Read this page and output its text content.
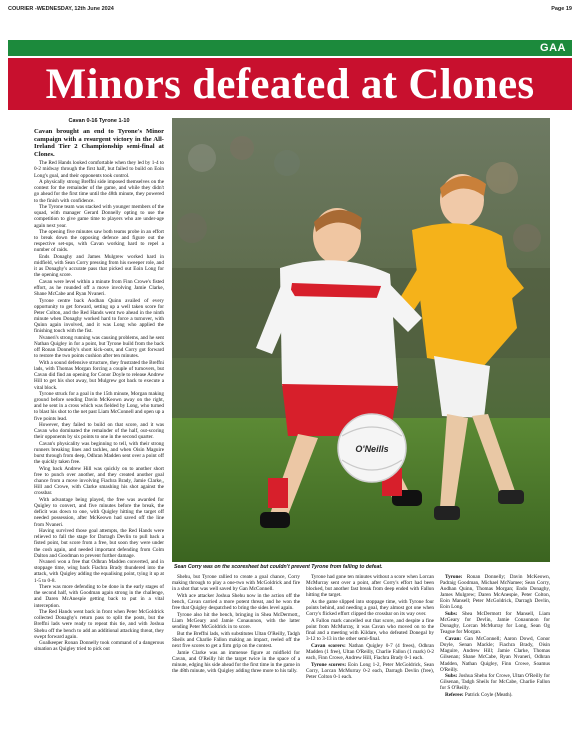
COURIER -WEDNESDAY, 12th June 2024	Page 19
GAA
Minors defeated at Clones
Cavan 0-16 Tyrone 1-10

Cavan brought an end to Tyrone's Minor campaign with a resurgent victory in the All-Ireland Tier 2 Championship semi-final at Clones.

The Red Hands looked comfortable when they led by 1-4 to 0-2 midway through the first half, but failed to build on Eoin Long's goal, and their opponents took control.

A physically strong Breffni side imposed themselves on the contest for the remainder of the game, and while they didn't go ahead for the first time until the 48th minute, they powered to the finish with confidence.

The Tyrone team was stacked with younger members of the squad, with manager Gerard Donnelly opting to use the competition to give game time to players who are under-age again next year.

The opening five minutes saw both teams probe in an effort to break down the opposing defence and figure out the respective set-ups, with Cavan working hard to repel a number of raids.

Ends Donaghy and James Mulgrew worked hard in midfield, with Sean Corry pressing from his sweeper role, and it as Donaghy's accurate pass that picked out Eoin Long for the opening score.

Cavan were level within a minute from Finn Crowe's fisted effort, as he rounded off a move involving Jamie Clarke, Shane McCabe and Ryan Nvaneri.

Tyrone centre back Aodhan Quinn availed of every opportunity to get forward, setting up a well taken score for Peter Colton, and the Red Hands went two ahead in the ninth minute when Donaghy worked hard to force a turnover, with Quinn again involved, and it was Long who applied the finishing touch with the fist.

Nvaneri's strong running was causing problems, and he sent Nathan Quigley in for a point, but Tyrone build from the back off Ronan Donnelly's short kick-outs, and Corry got forward to restore the two points cushion after ten minutes.

With a sound defensive structure, they frustrated the Breffni lads, with Thomas Morgan forcing a couple of turnovers, but Cavan did find an opening for Conor Doyle to release Andrew Hill to get his shot away, but Mulgrew got back to execute a vital block.

Tyrone struck for a goal in the 15th minute, Morgan making ground before sending Davin McKeown away on the right, and he sent in a cross which was fielded by Long, who turned to blast his shot to the net past Liam McConnell and open up a five points lead.

However, they failed to build on that score, and it was Cavan who dominated the remainder of the half, out-scoring their opponents by six points to one in the second quarter.

Cavan's physicality was beginning to tell, with their strong runners breaking lines and tackles, and when Oisin Maguire burst through from deep, Odhran Madden sent over a point off the quickly taken free.

Wing back Andrew Hill was quickly on to another short free to punch over another, and they created another goal chance from a move involving Fiachra Brady, Jamie Clarke,, Hill and Crowe, with Clarke smashing his shot against the crossbar.

With advantage being played, the free was awarded for Quigley to convert, and five minutes before the break, the deficit was down to one, with Quigley hitting the target off needed possession, after McKeown had saved off the line from Nvaneri.

Having survived those goal attempts, the Red Hands were relieved to fall the stage for Darragh Devlin to pull back a fisted point, but score from a free, but soon they were under the cosh again, and needed important defending from Colm Dalton and Goodman to prevent further damage.

Nvaneri won a free that Odhran Madden converted, and in stoppage time, wing back Fiachra Brady thundered into the attack, with Quigley adding the equalising point, tying it up at 1-5 to 0-8.

There was more defending to be done in the early stages of the second half, with Goodman again strong in the challenge, and Daren McAnespie getting back to put in a vital interception.

The Red Hands went back in front when Peter McGoldrick collected Donaghy's return pass to split the posts, but the Breffni lads were ready to repeat this tie, and with Joshua Shehu off the bench to add an additional attacking threat, they swept forward again.

Goalkeeper Ronan Donnelly took command of a dangerous situation as Quigley tried to pick out

O'Neills
Sean Corry was on the scoresheet but couldn't prevent Tyrone from falling to defeat.

Shehu, but Tyrone rallied to create a goal chance, Corry making through to play a one-two with McGoldrick and fire in a shot that was well saved by Gan McConnell.

With ace attacker Joshua Shehu now in the action off the bench, Cavan carried a more potent threat, and he won the free that Quigley despatched to bring the sides level again.

Tyrone also hit the bench, bringing in Shea McDermott,, Liam McGeary and Jamie Conaunnon, with the latter sending Peter McGoldrick in to score.

But the Breffni lads, with substitutes Ultan O'Reilly, Tadgh Sheils and Charlie Fallon making an impact, reeled off the next five scores to get a firm grip on the contest.

Jamie Clarke was an immense figure at midfield for Cavan, and O'Reilly hit the target twice in the space of a minute, edging his side ahead for the first time in the game in the 48th minute, with Quigley adding three more to his tally.

Tyrone had gone ten minutes without a score when Lorcan McMurray sent over a point, after Corry's effort had been blocked, but another fast break from deep ended with Fallon hitting the target.

As the game slipped into stoppage time, with Tyrone four points behind, and needing a goal, they almost got one when Corry's flicked effort clipped the crossbar on its way over.

A Fallon mark cancelled out that score, and despite a fine point from McMurray, it was Cavan who moved on to the final and a meeting with Kildare, who defeated Donegal by 3-12 to 3-13 in the other semi-final.

Cavan scorers: Nathan Quigley 0-7 (4 frees), Odhran Madden (1 free), Ultan O'Reilly, Charlie Fallon (1 mark) 0-2 each, Finn Crowe, Andrew Hill, Fiachra Brady 0-1 each.

Tyrone scorers: Eoin Long 1-2, Peter McGoldrick, Sean Corry, Lorcan McMurray 0-2 each, Darragh Devlin (free), Peter Colton 0-1 each.

Tyrone: Ronan Donnelly; Davin McKeown, Padraig Goodman, Michael McNamee; Sean Corry, Aodhan Quinn, Thomas Morgan; Endo Donaghy, James Mulgrew; Daren McAnespie, Peter Colton, Eoin Mansell; Peter McGoldrick, Darragh Devlin, Eoin Long.

Subs: Shea McDermott for Mansell, Liam McGeary for Devlin, Jamie Conaunnon for Donaghy, Lorcan McMurray for Long, Sean Og Teague for Morgan.

Cavan: Gan McConnell; Aaron Dowd, Conor Doyle, Senan Mackle; Fiachra Brady, Oisin Maguire, Andrew Hill; Jamie Clarke, Thomas Gilsenan; Shane McCabe, Ryan Nvaneri, Odhran Madden, Nathan Quigley, Finn Crowe, Soamus O'Reilly.

Subs: Joshua Shehu for Crowe, Ultan O'Reilly for Gilsenan, Tadgh Sheils for McCabe, Charlie Fallon for S O'Reilly.

Referee: Patrick Coyle (Meath).
